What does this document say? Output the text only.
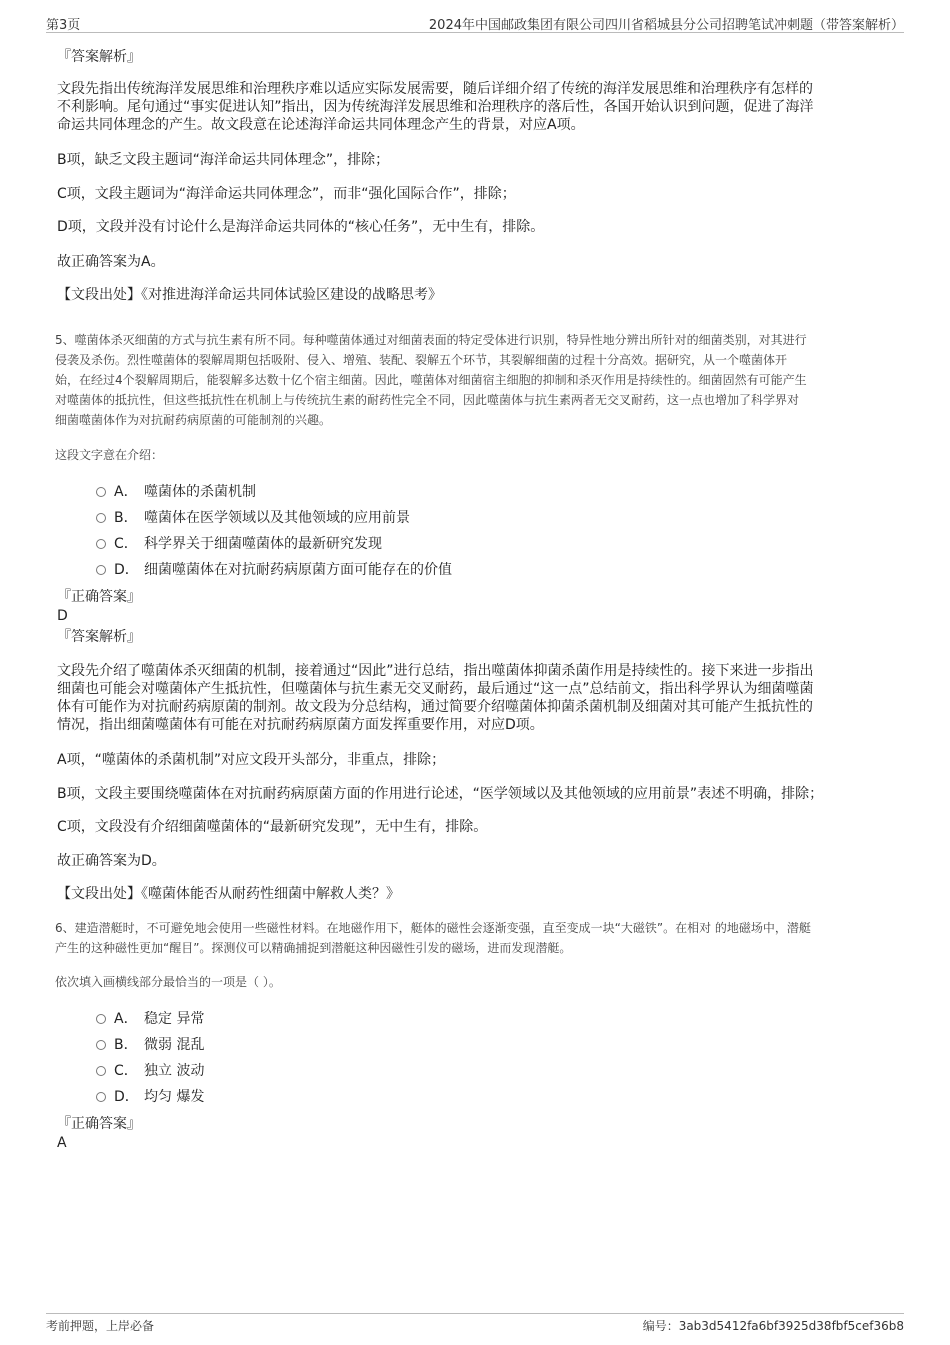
第3页	2024年中国邮政集团有限公司四川省稻城县分公司招聘笔试冲刺题（带答案解析）
『答案解析』
文段先指出传统海洋发展思维和治理秩序难以适应实际发展需要，随后详细介绍了传统的海洋发展思维和治理秩序有怎样的
不利影响。尾句通过“事实促进认知”指出，因为传统海洋发展思维和治理秩序的落后性，各国开始认识到问题，促进了海洋
命运共同体理念的产生。故文段意在论述海洋命运共同体理念产生的背景，对应A项。
B项，缺乏文段主题词“海洋命运共同体理念”，排除；
C项，文段主题词为“海洋命运共同体理念”，而非“强化国际合作”，排除；
D项，文段并没有讨论什么是海洋命运共同体的“核心任务”，无中生有，排除。
故正确答案为A。
【文段出处】《对推进海洋命运共同体试验区建设的战略思考》
5、噬菌体杀灭细菌的方式与抗生素有所不同。每种噬菌体通过对细菌表面的特定受体进行识别，特异性地分辨出所针对的细菌类别，对其进行
侵袭及杀伤。烈性噬菌体的裂解周期包括吸附、侵入、增殖、装配、裂解五个环节，其裂解细菌的过程十分高效。据研究，从一个噬菌体开
始，在经过4个裂解周期后，能裂解多达数十亿个宿主细菌。因此，噬菌体对细菌宿主细胞的抑制和杀灭作用是持续性的。细菌固然有可能产生
对噬菌体的抵抗性，但这些抵抗性在机制上与传统抗生素的耐药性完全不同，因此噬菌体与抗生素两者无交叉耐药，这一点也增加了科学界对
细菌噬菌体作为对抗耐药病原菌的可能制剂的兴趣。
这段文字意在介绍：
A． 噬菌体的杀菌机制
B． 噬菌体在医学领域以及其他领域的应用前景
C． 科学界关于细菌噬菌体的最新研究发现
D． 细菌噬菌体在对抗耐药病原菌方面可能存在的价值
『正确答案』
D
『答案解析』
文段先介绍了噬菌体杀灭细菌的机制，接着通过“因此”进行总结，指出噬菌体抑菌杀菌作用是持续性的。接下来进一步指出
细菌也可能会对噬菌体产生抵抗性，但噬菌体与抗生素无交叉耐药，最后通过“这一点”总结前文，指出科学界认为细菌噬菌
体有可能作为对抗耐药病原菌的制剂。故文段为分总结构，通过简要介绍噬菌体抑菌杀菌机制及细菌对其可能产生抵抗性的
情况，指出细菌噬菌体有可能在对抗耐药病原菌方面发挥重要作用，对应D项。
A项，“噬菌体的杀菌机制”对应文段开头部分，非重点，排除；
B项，文段主要围绕噬菌体在对抗耐药病原菌方面的作用进行论述，“医学领域以及其他领域的应用前景”表述不明确，排除；
C项，文段没有介绍细菌噬菌体的“最新研究发现”，无中生有，排除。
故正确答案为D。
【文段出处】《噬菌体能否从耐药性细菌中解救人类？》
6、建造潜艇时，不可避免地会使用一些磁性材料。在地磁作用下，艇体的磁性会逐渐变强，直至变成一块“大磁铁”。在相对 的地磁场中，潜艇
产生的这种磁性更加“醒目”。探测仪可以精确捕捉到潜艇这种因磁性引发的磁场，进而发现潜艇。
依次填入画横线部分最恰当的一项是（ ）。
A． 稳定 异常
B． 微弱 混乱
C． 独立 波动
D． 均匀 爆发
『正确答案』
A
考前押题，上岸必备	编号：3ab3d5412fa6bf3925d38fbf5cef36b8
